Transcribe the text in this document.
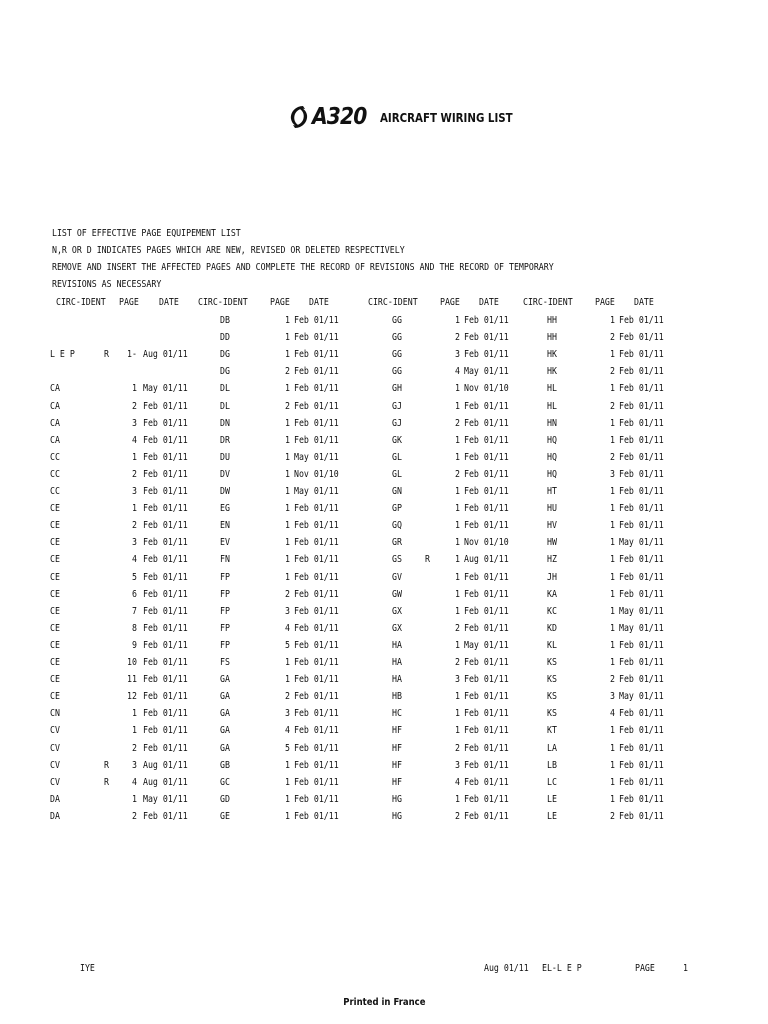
A320 AIRCRAFT WIRING LIST
LIST OF EFFECTIVE PAGE EQUIPEMENT LIST
N,R OR D INDICATES PAGES WHICH ARE NEW, REVISED OR DELETED RESPECTIVELY
REMOVE AND INSERT THE AFFECTED PAGES AND COMPLETE THE RECORD OF REVISIONS AND THE RECORD OF TEMPORARY
REVISIONS AS NECESSARY
CIRC-IDENT PAGE DATE
L E P	R	1- Aug 01/11
CA	1 May 01/11
CA	2 Feb 01/11
CA	3 Feb 01/11
CA	4 Feb 01/11
CC	1 Feb 01/11
CC	2 Feb 01/11
CC	3 Feb 01/11
CE	1 Feb 01/11
CE	2 Feb 01/11
CE	3 Feb 01/11
CE	4 Feb 01/11
CE	5 Feb 01/11
CE	6 Feb 01/11
CE	7 Feb 01/11
CE	8 Feb 01/11
CE	9 Feb 01/11
CE	10 Feb 01/11
CE	11 Feb 01/11
CE	12 Feb 01/11
CN	1 Feb 01/11
CV	1 Feb 01/11
CV	2 Feb 01/11
CV	R	3 Aug 01/11
CV	R	4 Aug 01/11
DA	1 May 01/11
DA	2 Feb 01/11
CIRC-IDENT PAGE DATE
DB	1 Feb 01/11
DD	1 Feb 01/11
DG	1 Feb 01/11
DG	2 Feb 01/11
DL	1 Feb 01/11
DL	2 Feb 01/11
DN	1 Feb 01/11
DR	1 Feb 01/11
DU	1 May 01/11
DV	1 Nov 01/10
DW	1 May 01/11
EG	1 Feb 01/11
EN	1 Feb 01/11
EV	1 Feb 01/11
FN	1 Feb 01/11
FP	1 Feb 01/11
FP	2 Feb 01/11
FP	3 Feb 01/11
FP	4 Feb 01/11
FP	5 Feb 01/11
FS	1 Feb 01/11
GA	1 Feb 01/11
GA	2 Feb 01/11
GA	3 Feb 01/11
GA	4 Feb 01/11
GA	5 Feb 01/11
GB	1 Feb 01/11
GC	1 Feb 01/11
GD	1 Feb 01/11
GE	1 Feb 01/11
CIRC-IDENT PAGE DATE
GG	1 Feb 01/11
GG	2 Feb 01/11
GG	3 Feb 01/11
GG	4 May 01/11
GH	1 Nov 01/10
GJ	1 Feb 01/11
GJ	2 Feb 01/11
GK	1 Feb 01/11
GL	1 Feb 01/11
GL	2 Feb 01/11
GN	1 Feb 01/11
GP	1 Feb 01/11
GQ	1 Feb 01/11
GR	1 Nov 01/10
GS R	1 Aug 01/11
GV	1 Feb 01/11
GW	1 Feb 01/11
GX	1 Feb 01/11
GX	2 Feb 01/11
HA	1 May 01/11
HA	2 Feb 01/11
HA	3 Feb 01/11
HB	1 Feb 01/11
HC	1 Feb 01/11
HF	1 Feb 01/11
HF	2 Feb 01/11
HF	3 Feb 01/11
HF	4 Feb 01/11
HG	1 Feb 01/11
HG	2 Feb 01/11
CIRC-IDENT PAGE DATE
HH	1 Feb 01/11
HH	2 Feb 01/11
HK	1 Feb 01/11
HK	2 Feb 01/11
HL	1 Feb 01/11
HL	2 Feb 01/11
HN	1 Feb 01/11
HQ	1 Feb 01/11
HQ	2 Feb 01/11
HQ	3 Feb 01/11
HT	1 Feb 01/11
HU	1 Feb 01/11
HV	1 Feb 01/11
HW	1 May 01/11
HZ	1 Feb 01/11
JH	1 Feb 01/11
KA	1 Feb 01/11
KC	1 May 01/11
KD	1 May 01/11
KL	1 Feb 01/11
KS	1 Feb 01/11
KS	2 Feb 01/11
KS	3 May 01/11
KS	4 Feb 01/11
KT	1 Feb 01/11
LA	1 Feb 01/11
LB	1 Feb 01/11
LC	1 Feb 01/11
LE	1 Feb 01/11
LE	2 Feb 01/11
IYE	Aug 01/11 EL-L E P	PAGE	1
Printed in France
